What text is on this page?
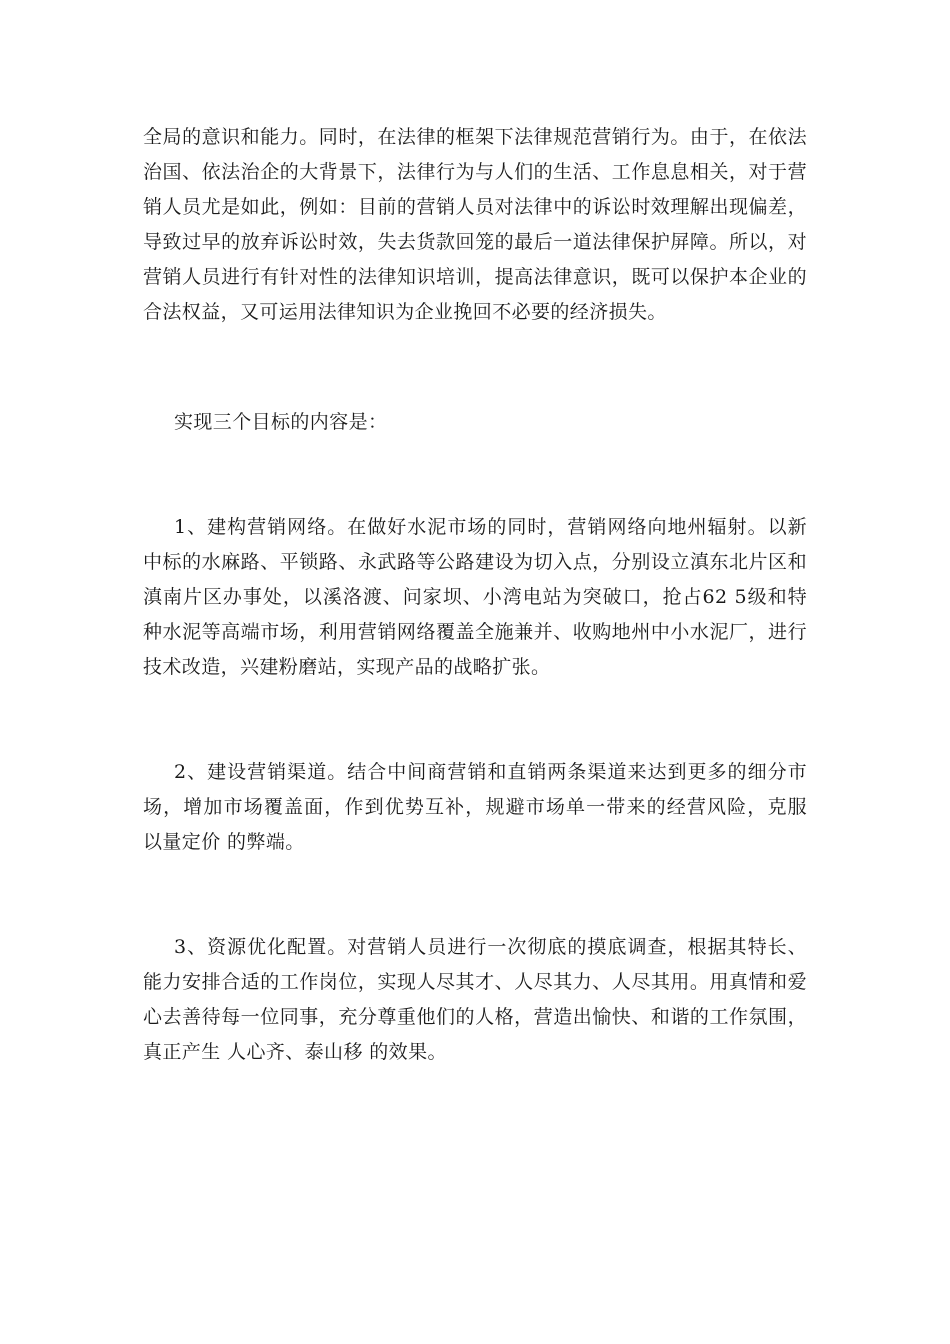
全局的意识和能力。同时，在法律的框架下法律规范营销行为。由于，在依法治国、依法治企的大背景下，法律行为与人们的生活、工作息息相关，对于营销人员尤是如此，例如：目前的营销人员对法律中的诉讼时效理解出现偏差，导致过早的放弃诉讼时效，失去货款回笼的最后一道法律保护屏障。所以，对营销人员进行有针对性的法律知识培训，提高法律意识，既可以保护本企业的合法权益，又可运用法律知识为企业挽回不必要的经济损失。

实现三个目标的内容是：

1、建构营销网络。在做好水泥市场的同时，营销网络向地州辐射。以新中标的水麻路、平锁路、永武路等公路建设为切入点，分别设立滇东北片区和滇南片区办事处，以溪洛渡、问家坝、小湾电站为突破口，抢占62 5级和特种水泥等高端市场，利用营销网络覆盖全施兼并、收购地州中小水泥厂，进行技术改造，兴建粉磨站，实现产品的战略扩张。

2、建设营销渠道。结合中间商营销和直销两条渠道来达到更多的细分市场，增加市场覆盖面，作到优势互补，规避市场单一带来的经营风险，克服 以量定价 的弊端。

3、资源优化配置。对营销人员进行一次彻底的摸底调查，根据其特长、能力安排合适的工作岗位，实现人尽其才、人尽其力、人尽其用。用真情和爱心去善待每一位同事，充分尊重他们的人格，营造出愉快、和谐的工作氛围，真正产生 人心齐、泰山移 的效果。
